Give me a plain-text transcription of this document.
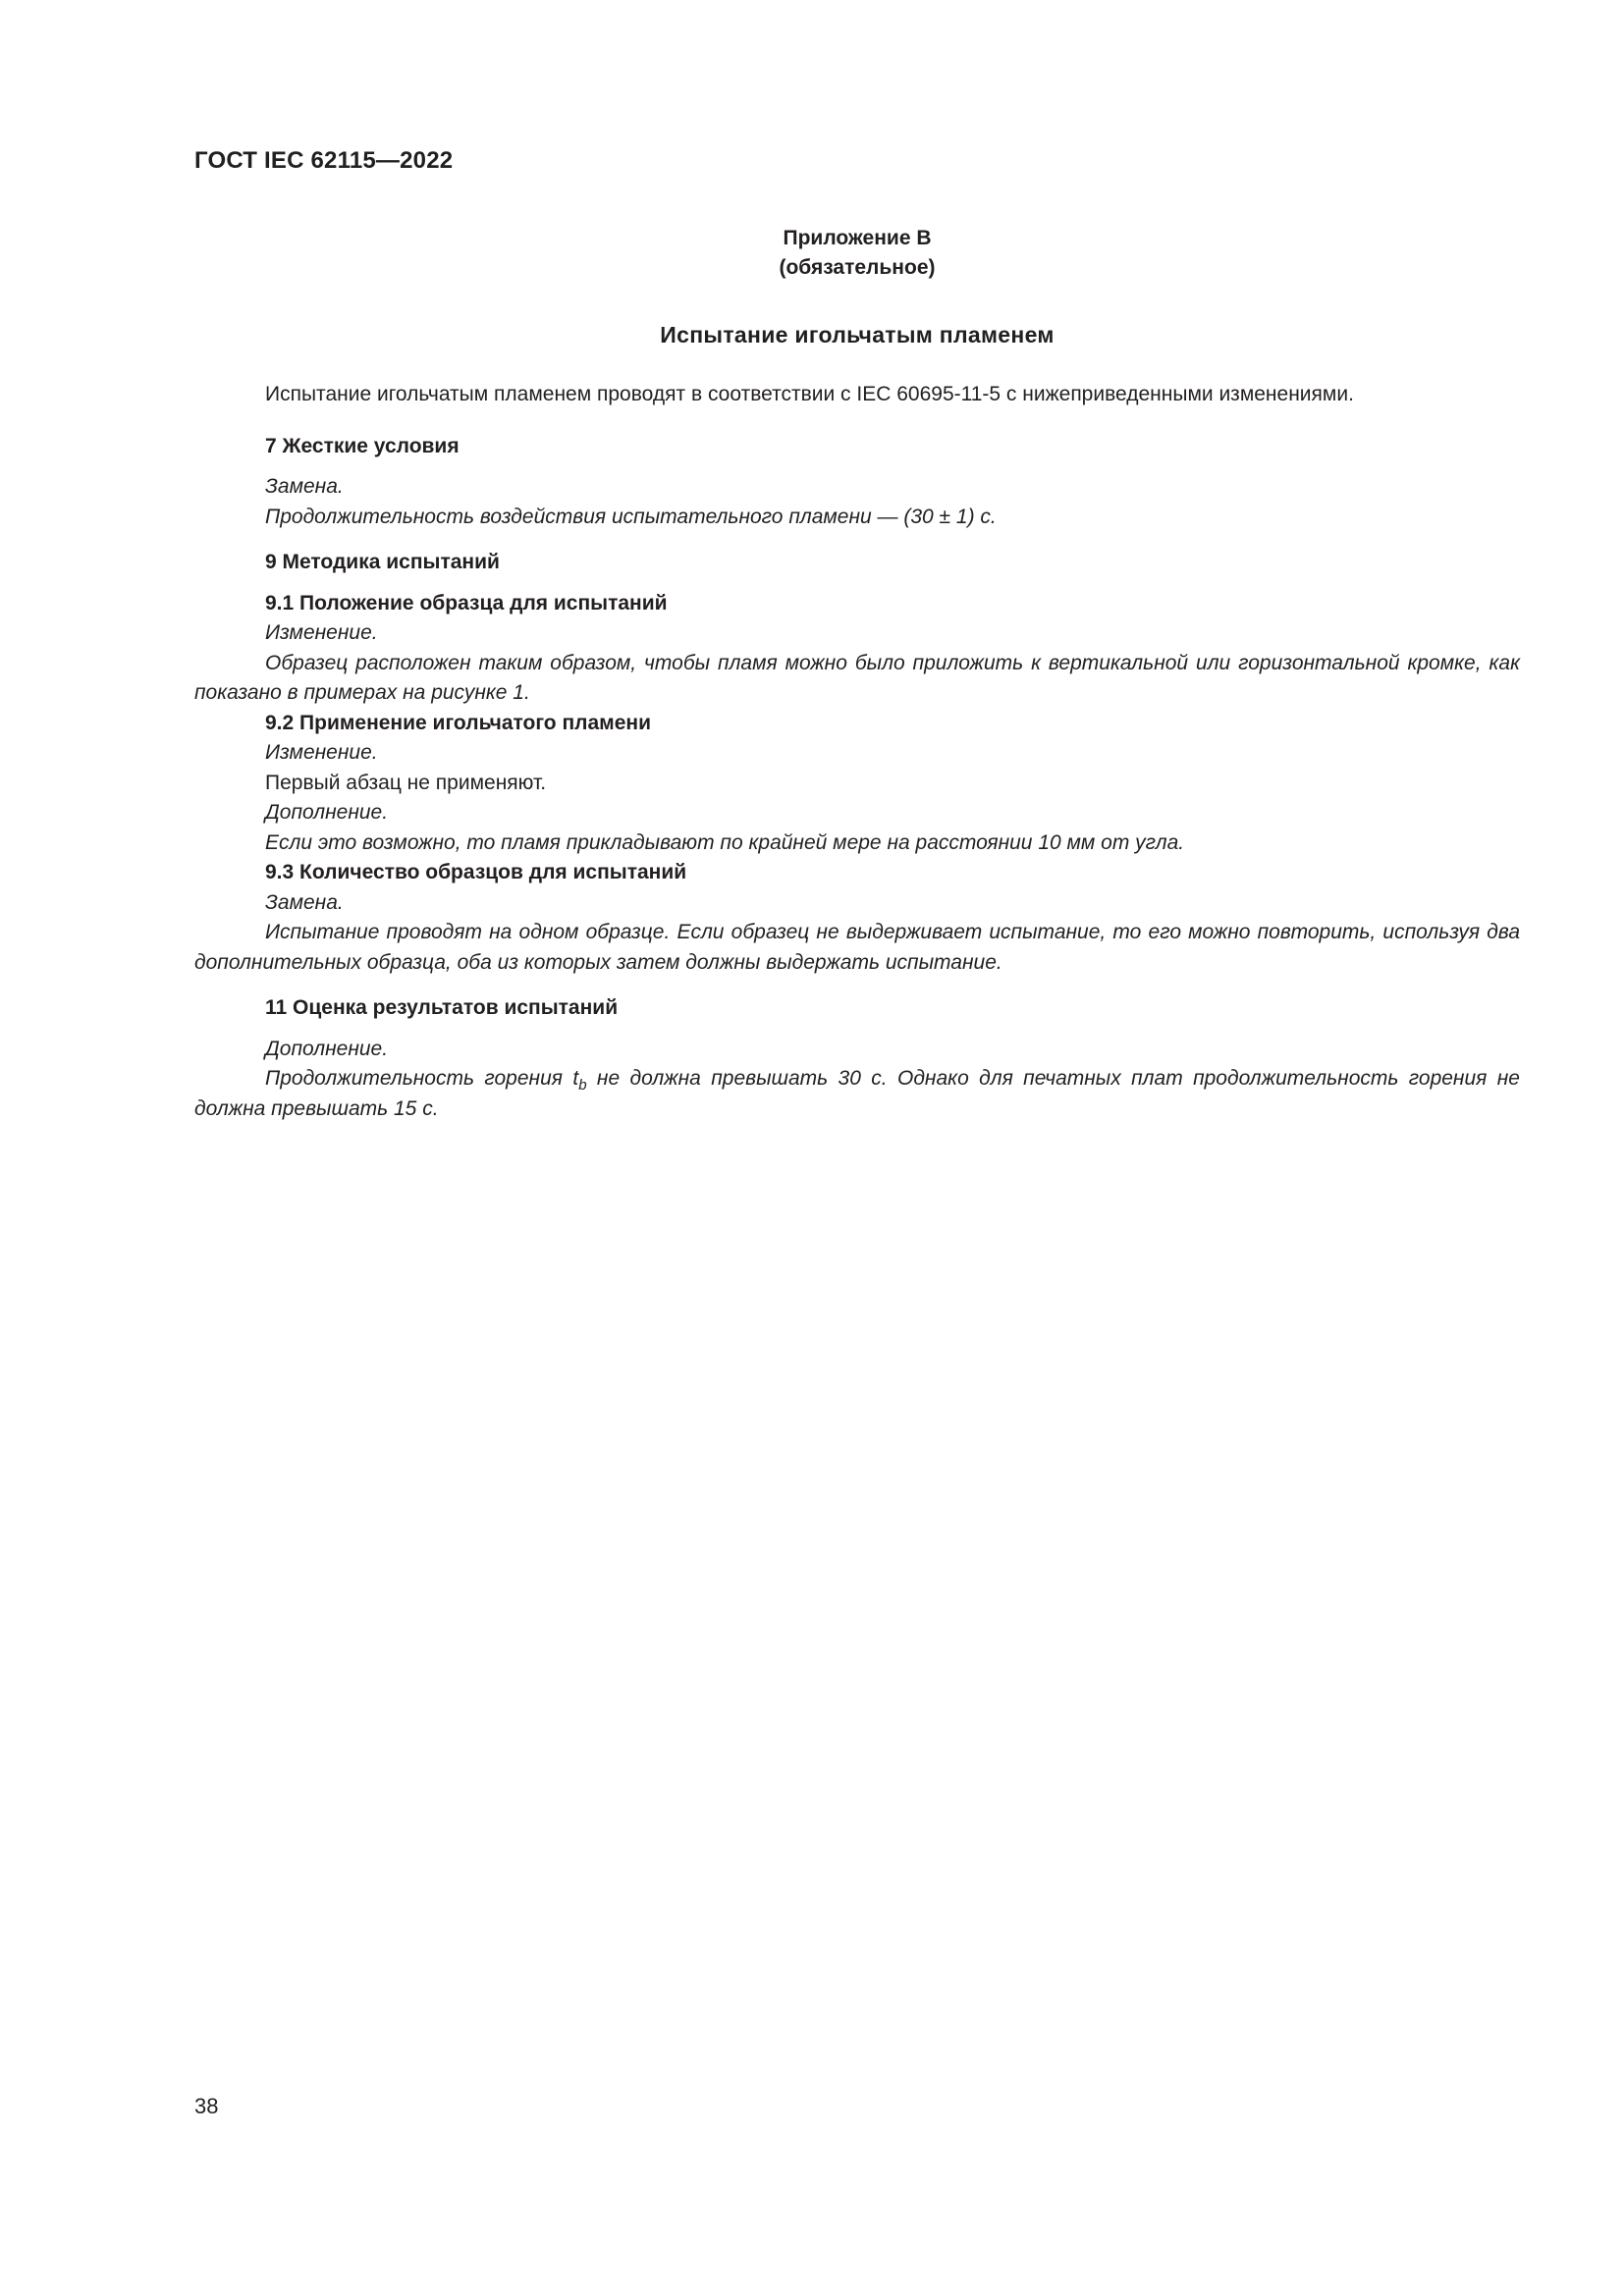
ГОСТ IEC 62115—2022
Приложение В
(обязательное)
Испытание игольчатым пламенем

Испытание игольчатым пламенем проводят в соответствии с IEC 60695-11-5 с нижеприведенными изменениями.

7 Жесткие условия

Замена.

Продолжительность воздействия испытательного пламени — (30 ± 1) с.

9 Методика испытаний

9.1 Положение образца для испытаний

Изменение.

Образец расположен таким образом, чтобы пламя можно было приложить к вертикальной или горизонтальной кромке, как показано в примерах на рисунке 1.

9.2 Применение игольчатого пламени

Изменение.

Первый абзац не применяют.

Дополнение.

Если это возможно, то пламя прикладывают по крайней мере на расстоянии 10 мм от угла.

9.3 Количество образцов для испытаний

Замена.

Испытание проводят на одном образце. Если образец не выдерживает испытание, то его можно повторить, используя два дополнительных образца, оба из которых затем должны выдержать испытание.

11 Оценка результатов испытаний

Дополнение.

Продолжительность горения $t_b$ не должна превышать 30 с. Однако для печатных плат продолжительность горения не должна превышать 15 с.

38
